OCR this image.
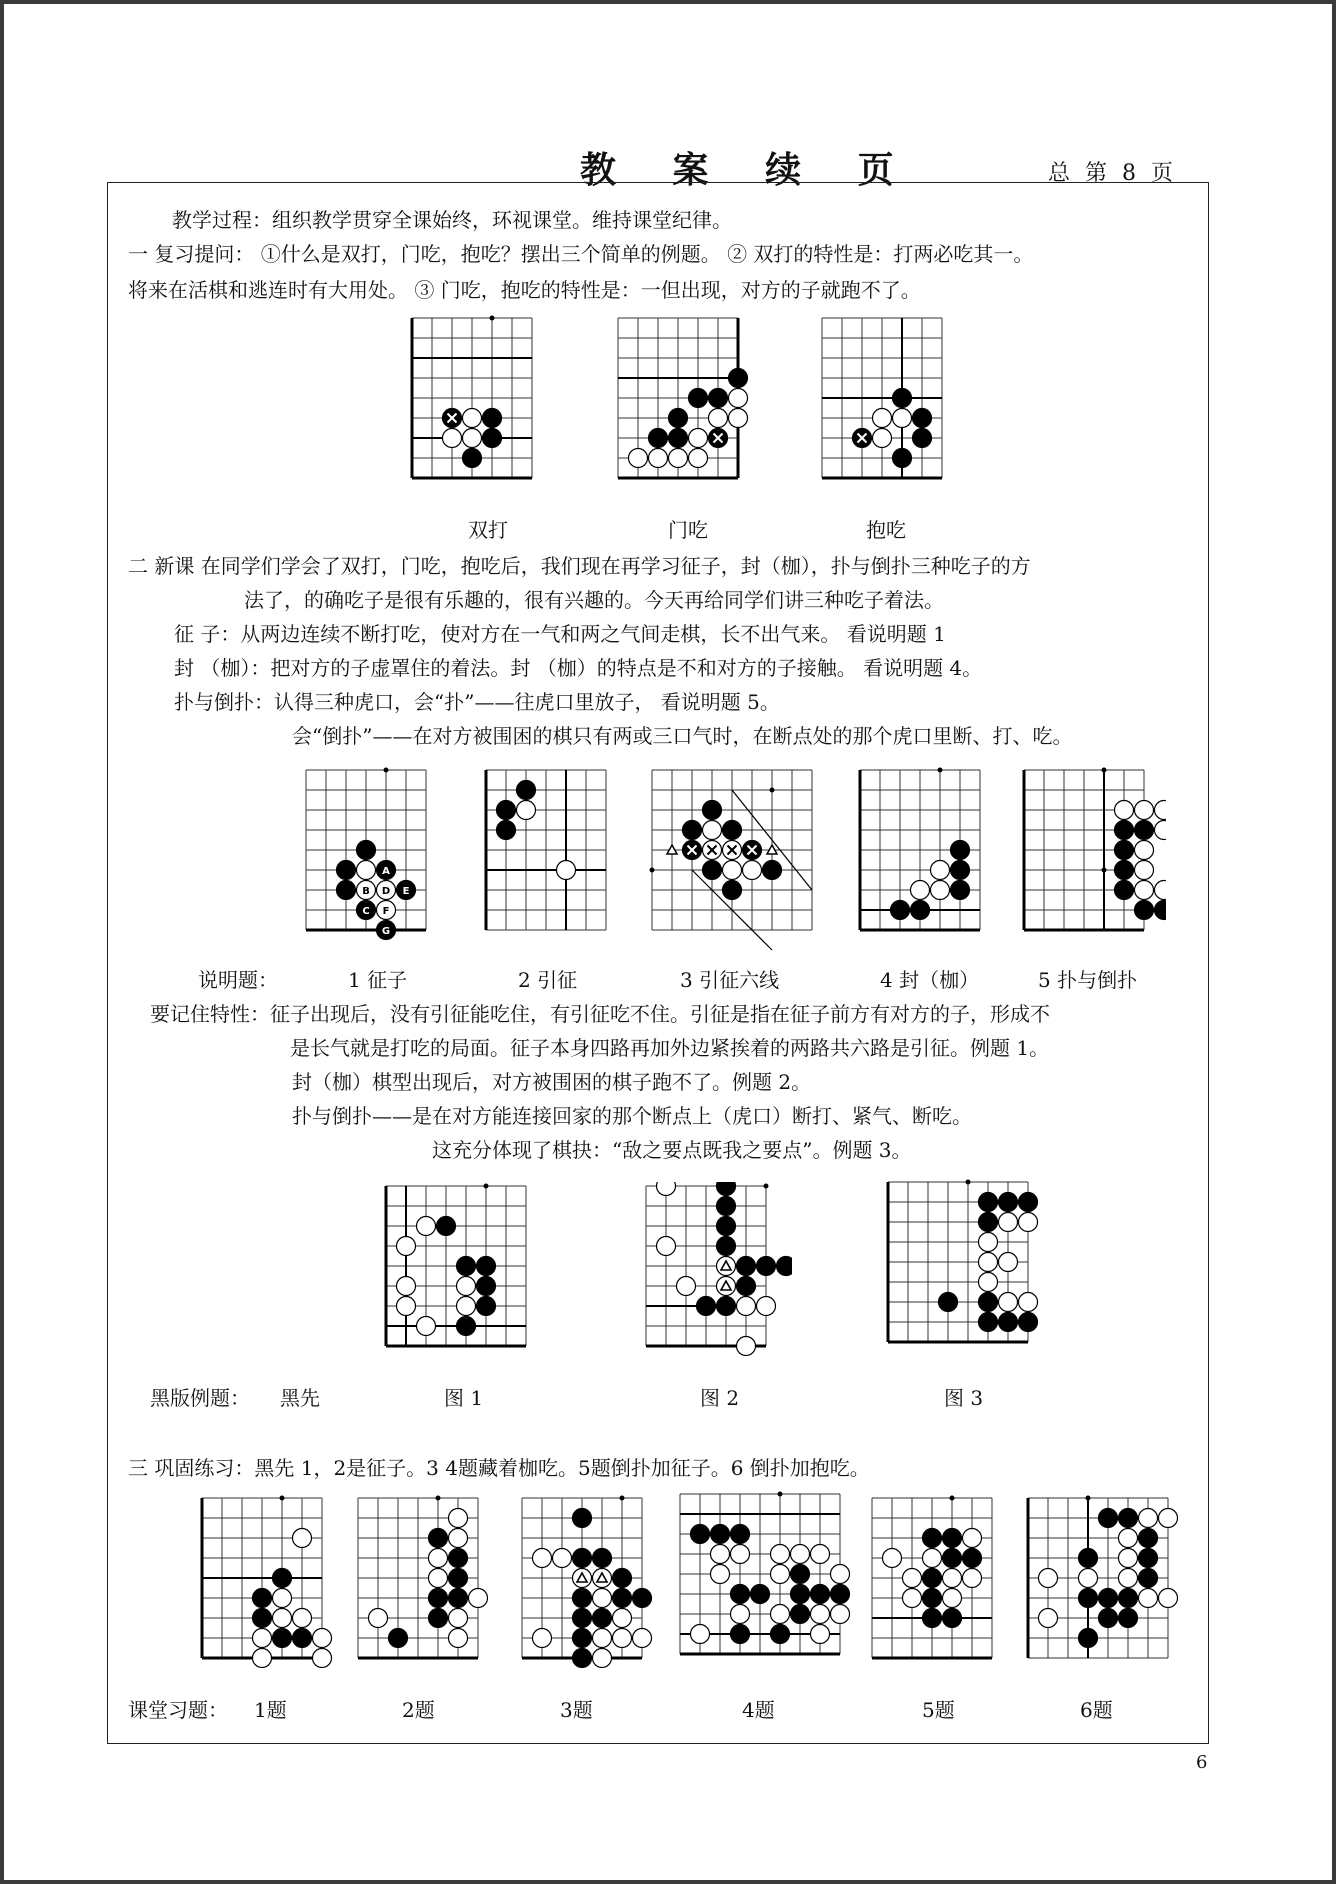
教 案 续 页	总 第 8 页
教学过程：组织教学贯穿全课始终，环视课堂。维持课堂纪律。
一 复习提问： ①什么是双打，门吃，抱吃？摆出三个简单的例题。 ② 双打的特性是：打两必吃其一。
将来在活棋和逃连时有大用处。 ③ 门吃，抱吃的特性是：一但出现，对方的子就跑不了。
双打	门吃	抱吃
二 新课 在同学们学会了双打，门吃，抱吃后，我们现在再学习征子，封（枷），扑与倒扑三种吃子的方
法了，的确吃子是很有乐趣的，很有兴趣的。今天再给同学们讲三种吃子着法。
征 子：从两边连续不断打吃，使对方在一气和两之气间走棋，长不出气来。 看说明题 1
封 （枷）：把对方的子虚罩住的着法。封 （枷）的特点是不和对方的子接触。 看说明题 4。
扑与倒扑：认得三种虎口，会“扑”——往虎口里放子， 看说明题 5。
会“倒扑”——在对方被围困的棋只有两或三口气时，在断点处的那个虎口里断、打、吃。
A
B D E
C F
G
说明题：	1 征子	2 引征	3 引征六线	4 封（枷）	5 扑与倒扑
要记住特性：征子出现后，没有引征能吃住，有引征吃不住。引征是指在征子前方有对方的子，形成不
是长气就是打吃的局面。征子本身四路再加外边紧挨着的两路共六路是引征。例题 1。
封（枷）棋型出现后，对方被围困的棋子跑不了。例题 2。
扑与倒扑——是在对方能连接回家的那个断点上（虎口）断打、紧气、断吃。
这充分体现了棋抉：“敌之要点既我之要点”。例题 3。
黑版例题： 黑先	图 1	图 2	图 3
三 巩固练习：黑先 1，2是征子。3 4题藏着枷吃。5题倒扑加征子。6 倒扑加抱吃。
课堂习题： 1题	2题	3题	4题	5题	6题
6
